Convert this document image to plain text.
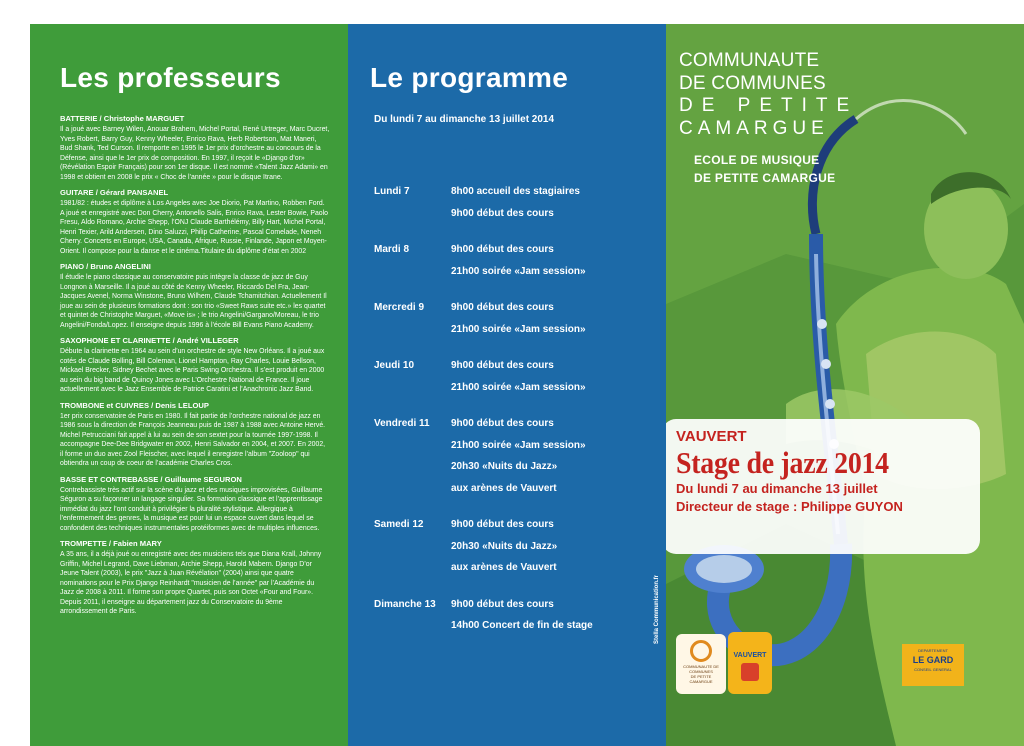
Les professeurs
BATTERIE / Christophe MARGUET
Il a joué avec Barney Wilen, Anouar Brahem, Michel Portal, René Urtreger, Marc Ducret, Yves Robert, Barry Guy, Kenny Wheeler, Enrico Rava, Herb Robertson, Mat Maneri, Bud Shank, Ted Curson. Il remporte en 1995 le 1er prix d’orchestre au concours de la Défense, ainsi que le 1er prix de composition. En 1997, il reçoit le «Django d’or» (Révélation Espoir Français) pour son 1er disque. Il est nommé «Talent Jazz Adami» en 1998 et obtient en 2008 le prix « Choc de l’année » pour le disque Itrane.
GUITARE / Gérard PANSANEL
1981/82 : études et diplôme à Los Angeles avec Joe Diorio, Pat Martino, Robben Ford. A joué et enregistré avec Don Cherry, Antonello Salis, Enrico Rava, Lester Bowie, Paolo Fresu, Aldo Romano, Archie Shepp, l’ONJ Claude Barthélémy, Billy Hart, Michel Portal, Henri Texier, Arild Andersen, Dino Saluzzi, Philip Catherine, Pascal Comelade, Neneh Cherry. Concerts en Europe, USA, Canada, Afrique, Russie, Finlande, Japon et Moyen-Orient. Il compose pour la danse et le cinéma.Titulaire du diplôme d’état en 2002
PIANO / Bruno ANGELINI
Il étudie le piano classique au conservatoire puis intègre la classe de jazz de Guy Longnon à Marseille. Il a joué au côté de Kenny Wheeler, Riccardo Del Fra, Jean-Jacques Avenel, Norma Winstone, Bruno Wilhem, Claude Tchamitchian. Actuellement Il joue au sein de plusieurs formations dont : son trio «Sweet Raws suite etc.» les quartet et quintet de Christophe Marguet, «Move is» ; le trio Angelini/Gargano/Moreau, le trio Angelini/Fonda/Lopez. Il enseigne depuis 1996 à l’école Bill Evans Piano Academy.
SAXOPHONE ET CLARINETTE / André VILLEGER
Débute la clarinette en 1964 au sein d’un orchestre de style New Orléans. Il a joué aux cotés de Claude Bolling, Bill Coleman, Lionel Hampton, Ray Charles, Louie Bellson, Mickael Brecker, Sidney Bechet avec le Paris Swing Orchestra. Il s’est produit en 2000 au sein du big band de Quincy Jones avec L’Orchestre National de France. Il joue actuellement avec le Jazz Ensemble de Patrice Caratini et l’Anachronic Jazz Band.
TROMBONE et CUIVRES / Denis LELOUP
1er prix conservatoire de Paris en 1980. Il fait partie de l’orchestre national de jazz en 1986 sous la direction de François Jeanneau puis de 1987 à 1988 avec Antoine Hervé. Michel Petrucciani fait appel à lui au sein de son sextet pour la tournée 1997-1998. Il accompagne Dee-Dee Bridgwater en 2002, Henri Salvador en 2004, et 2007. En 2002, il forme un duo avec Zool Fleischer, avec lequel il enregistre l’album "Zooloop" qui obtiendra un coup de coeur de l’académie Charles Cros.
BASSE ET CONTREBASSE / Guillaume SEGURON
Contrebassiste très actif sur la scène du jazz et des musiques improvisées, Guillaume Séguron a su façonner un langage singulier. Sa formation classique et l’apprentissage immédiat du jazz l’ont conduit à privilégier la pluralité stylistique. Allergique à l’enfermement des genres, la musique est pour lui un espace ouvert dans lequel se confondent des techniques instrumentales protéiformes avec de multiples influences.
TROMPETTE / Fabien MARY
A 35 ans, il a déjà joué ou enregistré avec des musiciens tels que Diana Krall, Johnny Griffin, Michel Legrand, Dave Liebman, Archie Shepp, Harold Mabern. Django D’or Jeune Talent (2003), le prix "Jazz à Juan Révélation" (2004) ainsi que quatre nominations pour le Prix Django Reinhardt "musicien de l’année" par l’Académie du Jazz de 2008 à 2011. Il forme son propre Quartet, puis son Octet «Four and Four». Depuis 2011, il enseigne au département jazz du Conservatoire du 9ème arrondissement de Paris.
Le programme
Du lundi 7 au dimanche 13 juillet 2014
Lundi 7	8h00 accueil des stagiaires
9h00 début des cours
Mardi 8	9h00 début des cours
21h00 soirée «Jam session»
Mercredi 9	9h00 début des cours
21h00 soirée «Jam session»
Jeudi 10	9h00 début des cours
21h00 soirée «Jam session»
Vendredi 11	9h00 début des cours
21h00 soirée «Jam session»
20h30 «Nuits du Jazz»
aux arènes de Vauvert
Samedi 12	9h00 début des cours
20h30 «Nuits du Jazz»
aux arènes de Vauvert
Dimanche 13	9h00 début des cours
14h00 Concert de fin de stage	Stella Communication.fr
COMMUNAUTE
DE COMMUNES
DE PETITE
CAMARGUE
ECOLE DE MUSIQUE
DE PETITE CAMARGUE
VAUVERT
Stage de jazz 2014
Du lundi 7 au dimanche 13 juillet
Directeur de stage : Philippe GUYON
COMMUNAUTE DE COMMUNES
DE PETITE
CAMARGUE
VAUVERT
DEPARTEMENT
LE GARD
CONSEIL GENERAL
